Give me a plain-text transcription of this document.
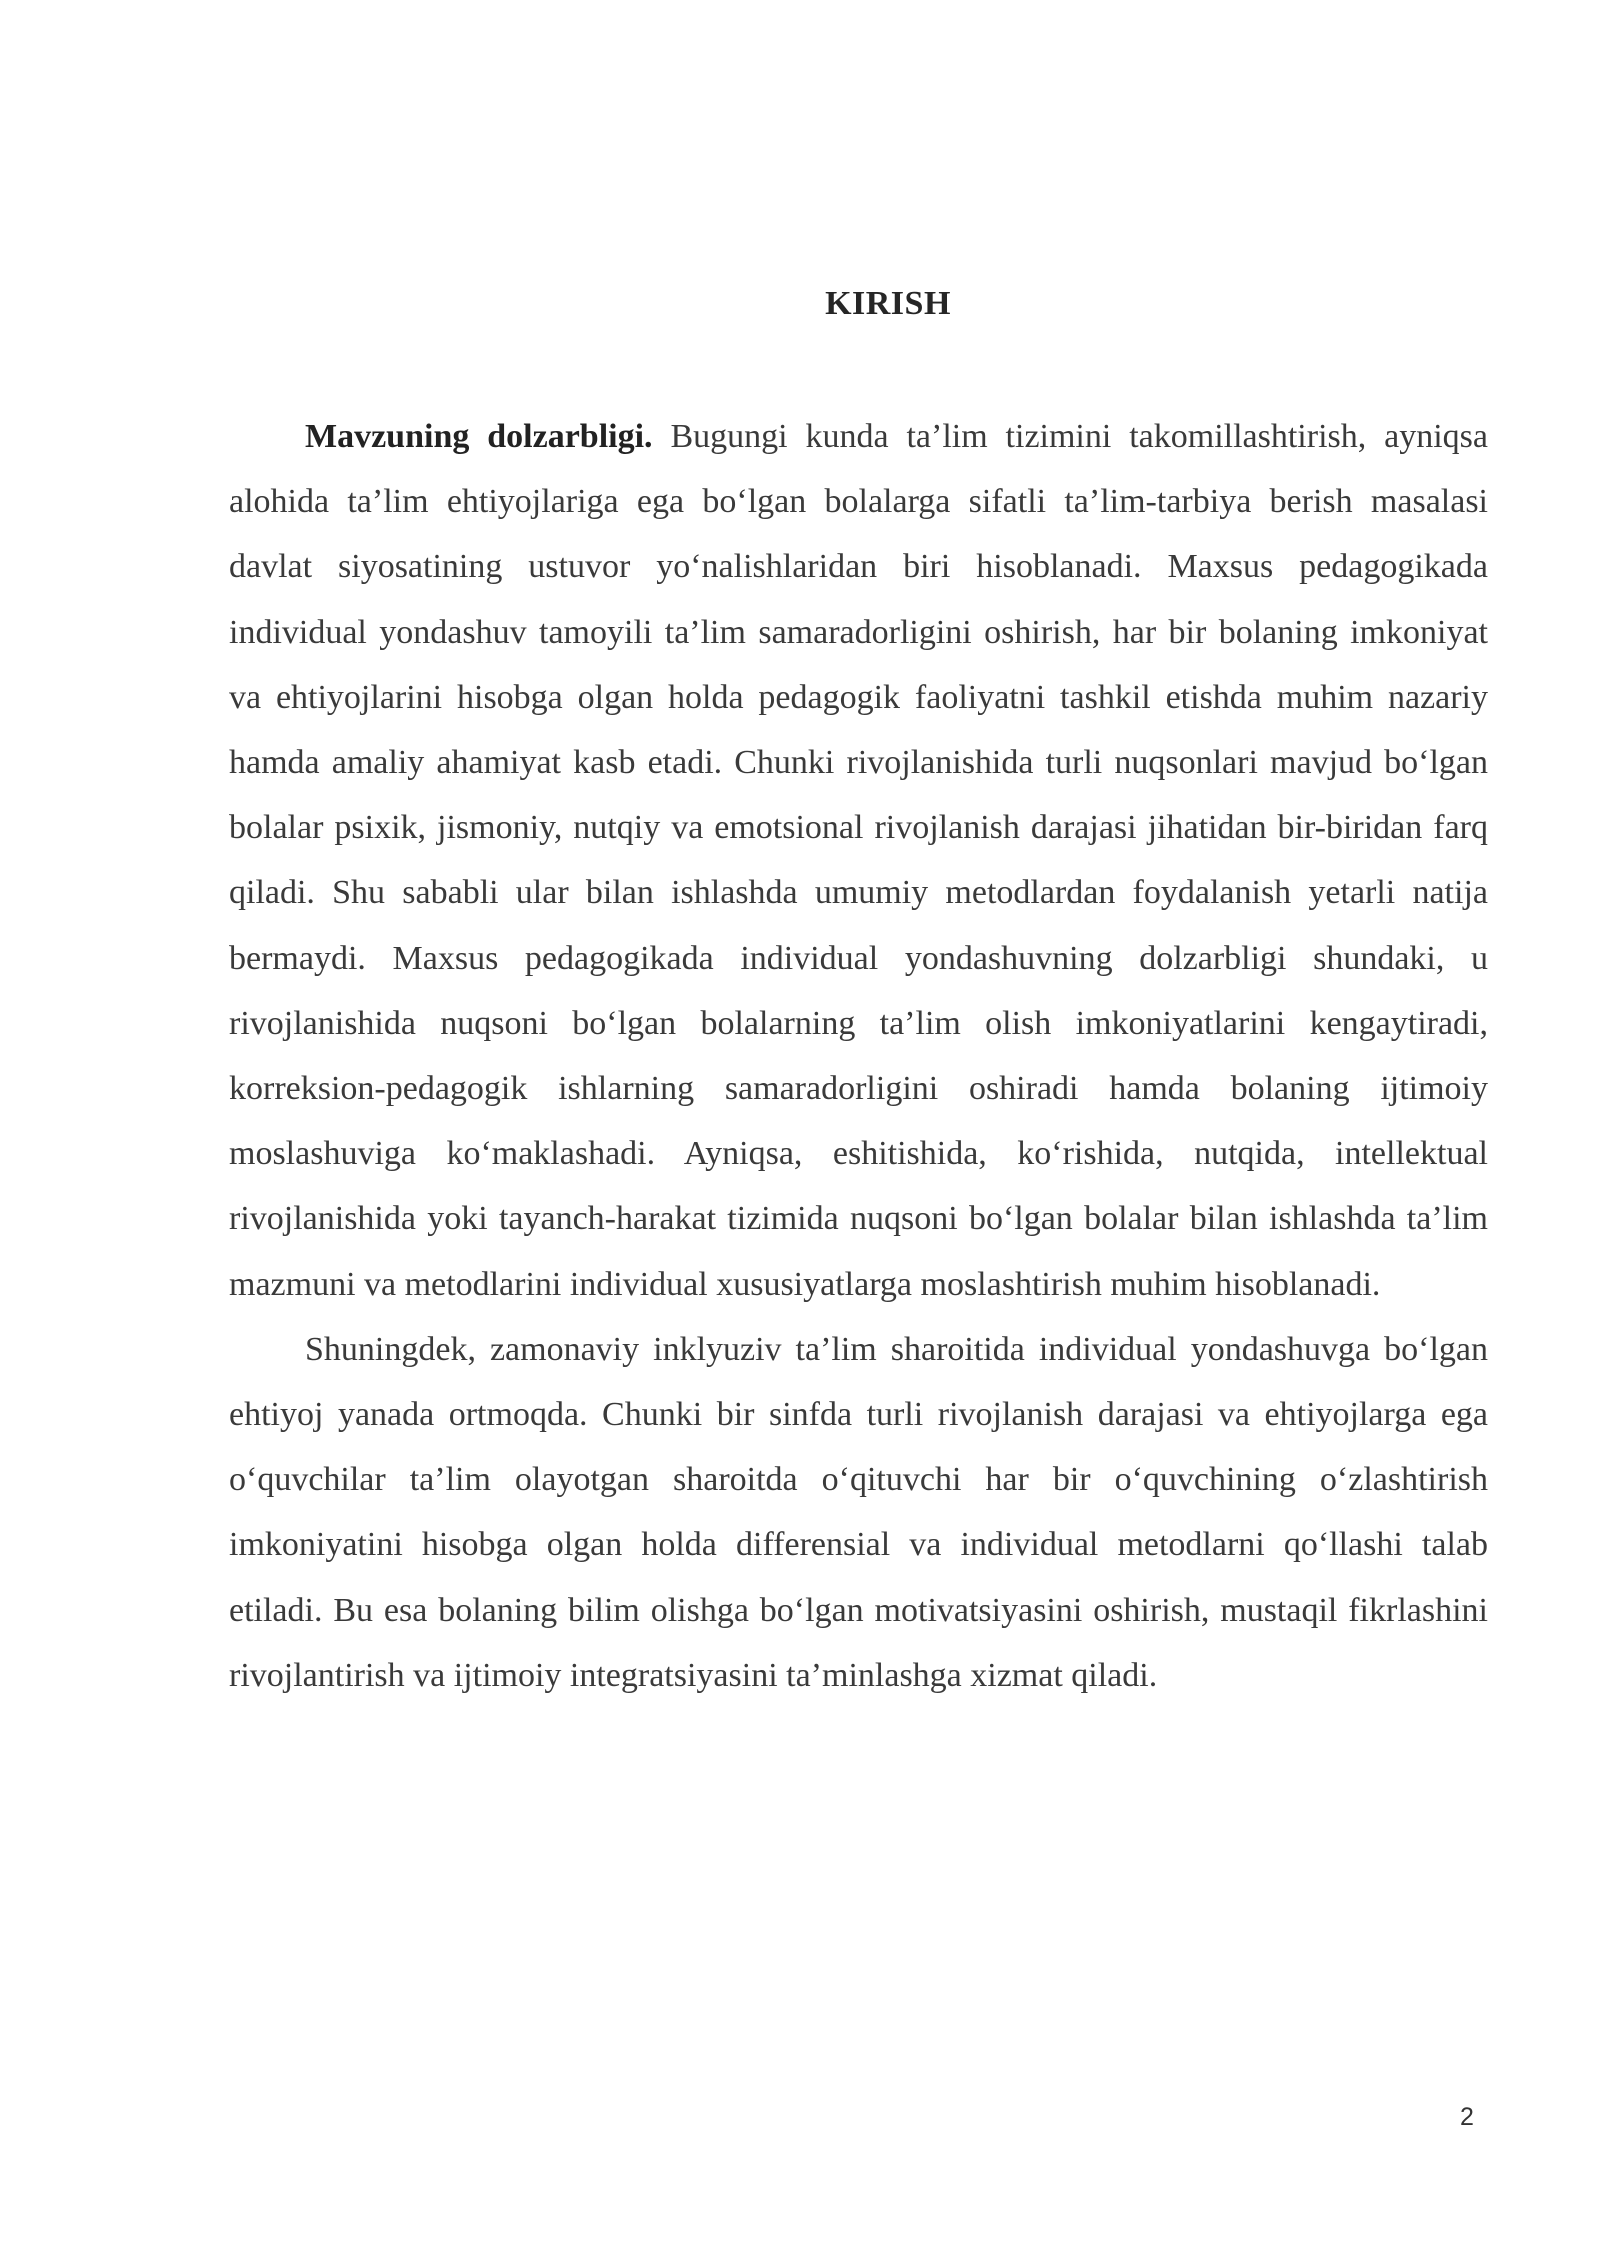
KIRISH

Mavzuning dolzarbligi. Bugungi kunda ta’lim tizimini takomillashtirish, ayniqsa alohida ta’lim ehtiyojlariga ega bo‘lgan bolalarga sifatli ta’lim-tarbiya berish masalasi davlat siyosatining ustuvor yo‘nalishlaridan biri hisoblanadi. Maxsus pedagogikada individual yondashuv tamoyili ta’lim samaradorligini oshirish, har bir bolaning imkoniyat va ehtiyojlarini hisobga olgan holda pedagogik faoliyatni tashkil etishda muhim nazariy hamda amaliy ahamiyat kasb etadi. Chunki rivojlanishida turli nuqsonlari mavjud bo‘lgan bolalar psixik, jismoniy, nutqiy va emotsional rivojlanish darajasi jihatidan bir-biridan farq qiladi. Shu sababli ular bilan ishlashda umumiy metodlardan foydalanish yetarli natija bermaydi. Maxsus pedagogikada individual yondashuvning dolzarbligi shundaki, u rivojlanishida nuqsoni bo‘lgan bolalarning ta’lim olish imkoniyatlarini kengaytiradi, korreksion-pedagogik ishlarning samaradorligini oshiradi hamda bolaning ijtimoiy moslashuviga ko‘maklashadi. Ayniqsa, eshitishida, ko‘rishida, nutqida, intellektual rivojlanishida yoki tayanch-harakat tizimida nuqsoni bo‘lgan bolalar bilan ishlashda ta’lim mazmuni va metodlarini individual xususiyatlarga moslashtirish muhim hisoblanadi.

Shuningdek, zamonaviy inklyuziv ta’lim sharoitida individual yondashuvga bo‘lgan ehtiyoj yanada ortmoqda. Chunki bir sinfda turli rivojlanish darajasi va ehtiyojlarga ega o‘quvchilar ta’lim olayotgan sharoitda o‘qituvchi har bir o‘quvchining o‘zlashtirish imkoniyatini hisobga olgan holda differensial va individual metodlarni qo‘llashi talab etiladi. Bu esa bolaning bilim olishga bo‘lgan motivatsiyasini oshirish, mustaqil fikrlashini rivojlantirish va ijtimoiy integratsiyasini ta’minlashga xizmat qiladi.

2
